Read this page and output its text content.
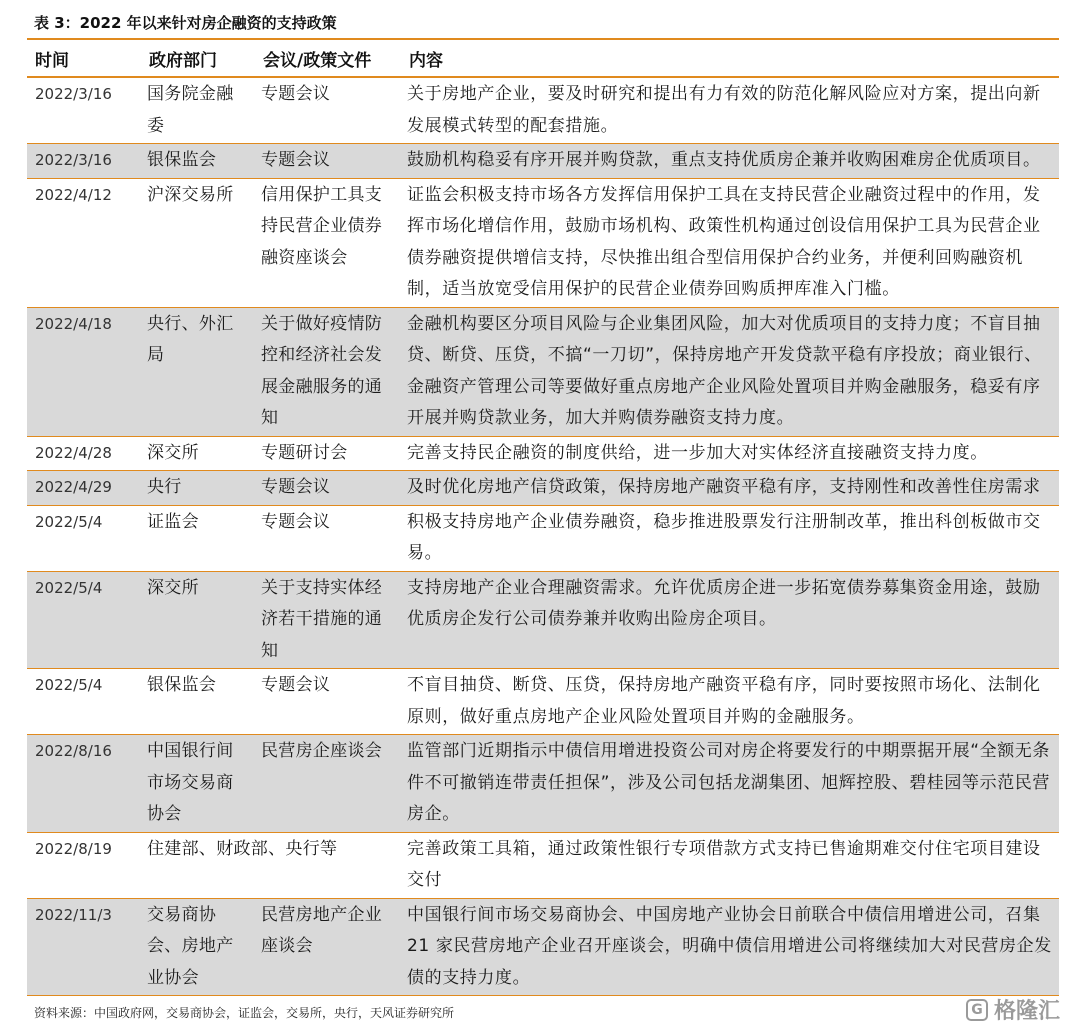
表 3：2022 年以来针对房企融资的支持政策
时间	政府部门	会议/政策文件	内容
2022/3/16	国务院金融委	专题会议	关于房地产企业，要及时研究和提出有力有效的防范化解风险应对方案，提出向新发展模式转型的配套措施。
2022/3/16	银保监会	专题会议	鼓励机构稳妥有序开展并购贷款，重点支持优质房企兼并收购困难房企优质项目。
2022/4/12	沪深交易所	信用保护工具支持民营企业债券融资座谈会	证监会积极支持市场各方发挥信用保护工具在支持民营企业融资过程中的作用，发挥市场化增信作用，鼓励市场机构、政策性机构通过创设信用保护工具为民营企业债券融资提供增信支持，尽快推出组合型信用保护合约业务，并便利回购融资机制，适当放宽受信用保护的民营企业债券回购质押库准入门槛。
2022/4/18	央行、外汇局	关于做好疫情防控和经济社会发展金融服务的通知	金融机构要区分项目风险与企业集团风险，加大对优质项目的支持力度；不盲目抽贷、断贷、压贷，不搞“一刀切”，保持房地产开发贷款平稳有序投放；商业银行、金融资产管理公司等要做好重点房地产企业风险处置项目并购金融服务，稳妥有序开展并购贷款业务，加大并购债券融资支持力度。
2022/4/28	深交所	专题研讨会	完善支持民企融资的制度供给，进一步加大对实体经济直接融资支持力度。
2022/4/29	央行	专题会议	及时优化房地产信贷政策，保持房地产融资平稳有序，支持刚性和改善性住房需求
2022/5/4	证监会	专题会议	积极支持房地产企业债券融资，稳步推进股票发行注册制改革，推出科创板做市交易。
2022/5/4	深交所	关于支持实体经济若干措施的通知	支持房地产企业合理融资需求。允许优质房企进一步拓宽债券募集资金用途，鼓励优质房企发行公司债券兼并收购出险房企项目。
2022/5/4	银保监会	专题会议	不盲目抽贷、断贷、压贷，保持房地产融资平稳有序，同时要按照市场化、法制化原则，做好重点房地产企业风险处置项目并购的金融服务。
2022/8/16	中国银行间市场交易商协会	民营房企座谈会	监管部门近期指示中债信用增进投资公司对房企将要发行的中期票据开展“全额无条件不可撤销连带责任担保”，涉及公司包括龙湖集团、旭辉控股、碧桂园等示范民营房企。
2022/8/19	住建部、财政部、央行等		完善政策工具箱，通过政策性银行专项借款方式支持已售逾期难交付住宅项目建设交付
2022/11/3	交易商协会、房地产业协会	民营房地产企业座谈会	中国银行间市场交易商协会、中国房地产业协会日前联合中债信用增进公司，召集 21 家民营房地产企业召开座谈会，明确中债信用增进公司将继续加大对民营房企发债的支持力度。
资料来源：中国政府网，交易商协会，证监会，交易所，央行，天风证券研究所	G 格隆汇
